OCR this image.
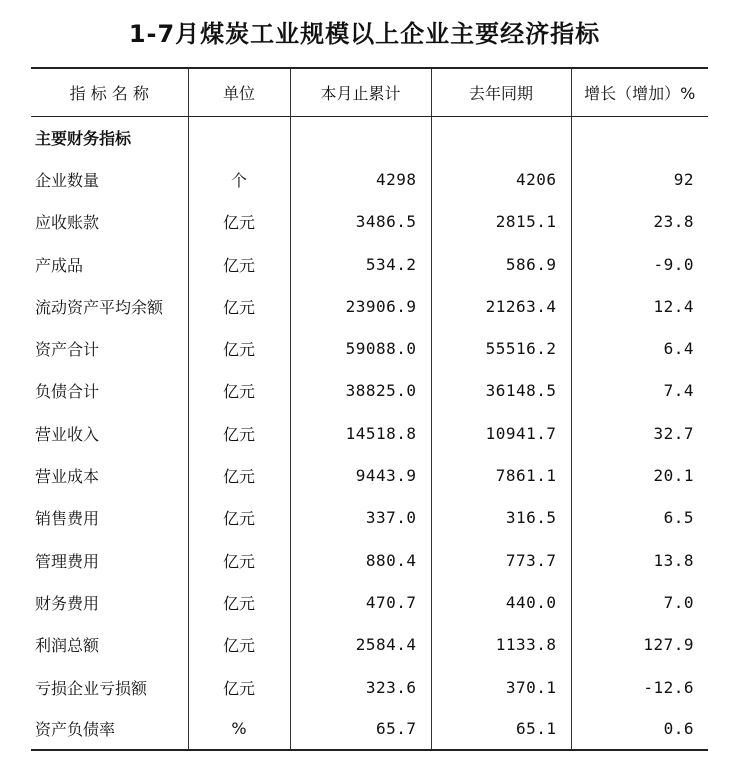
1-7月煤炭工业规模以上企业主要经济指标
指 标 名 称	单位	本月止累计	去年同期	增长（增加）%
主要财务指标				
企业数量	个	4298	4206	92
应收账款	亿元	3486.5	2815.1	23.8
产成品	亿元	534.2	586.9	-9.0
流动资产平均余额	亿元	23906.9	21263.4	12.4
资产合计	亿元	59088.0	55516.2	6.4
负债合计	亿元	38825.0	36148.5	7.4
营业收入	亿元	14518.8	10941.7	32.7
营业成本	亿元	9443.9	7861.1	20.1
销售费用	亿元	337.0	316.5	6.5
管理费用	亿元	880.4	773.7	13.8
财务费用	亿元	470.7	440.0	7.0
利润总额	亿元	2584.4	1133.8	127.9
亏损企业亏损额	亿元	323.6	370.1	-12.6
资产负债率	%	65.7	65.1	0.6
